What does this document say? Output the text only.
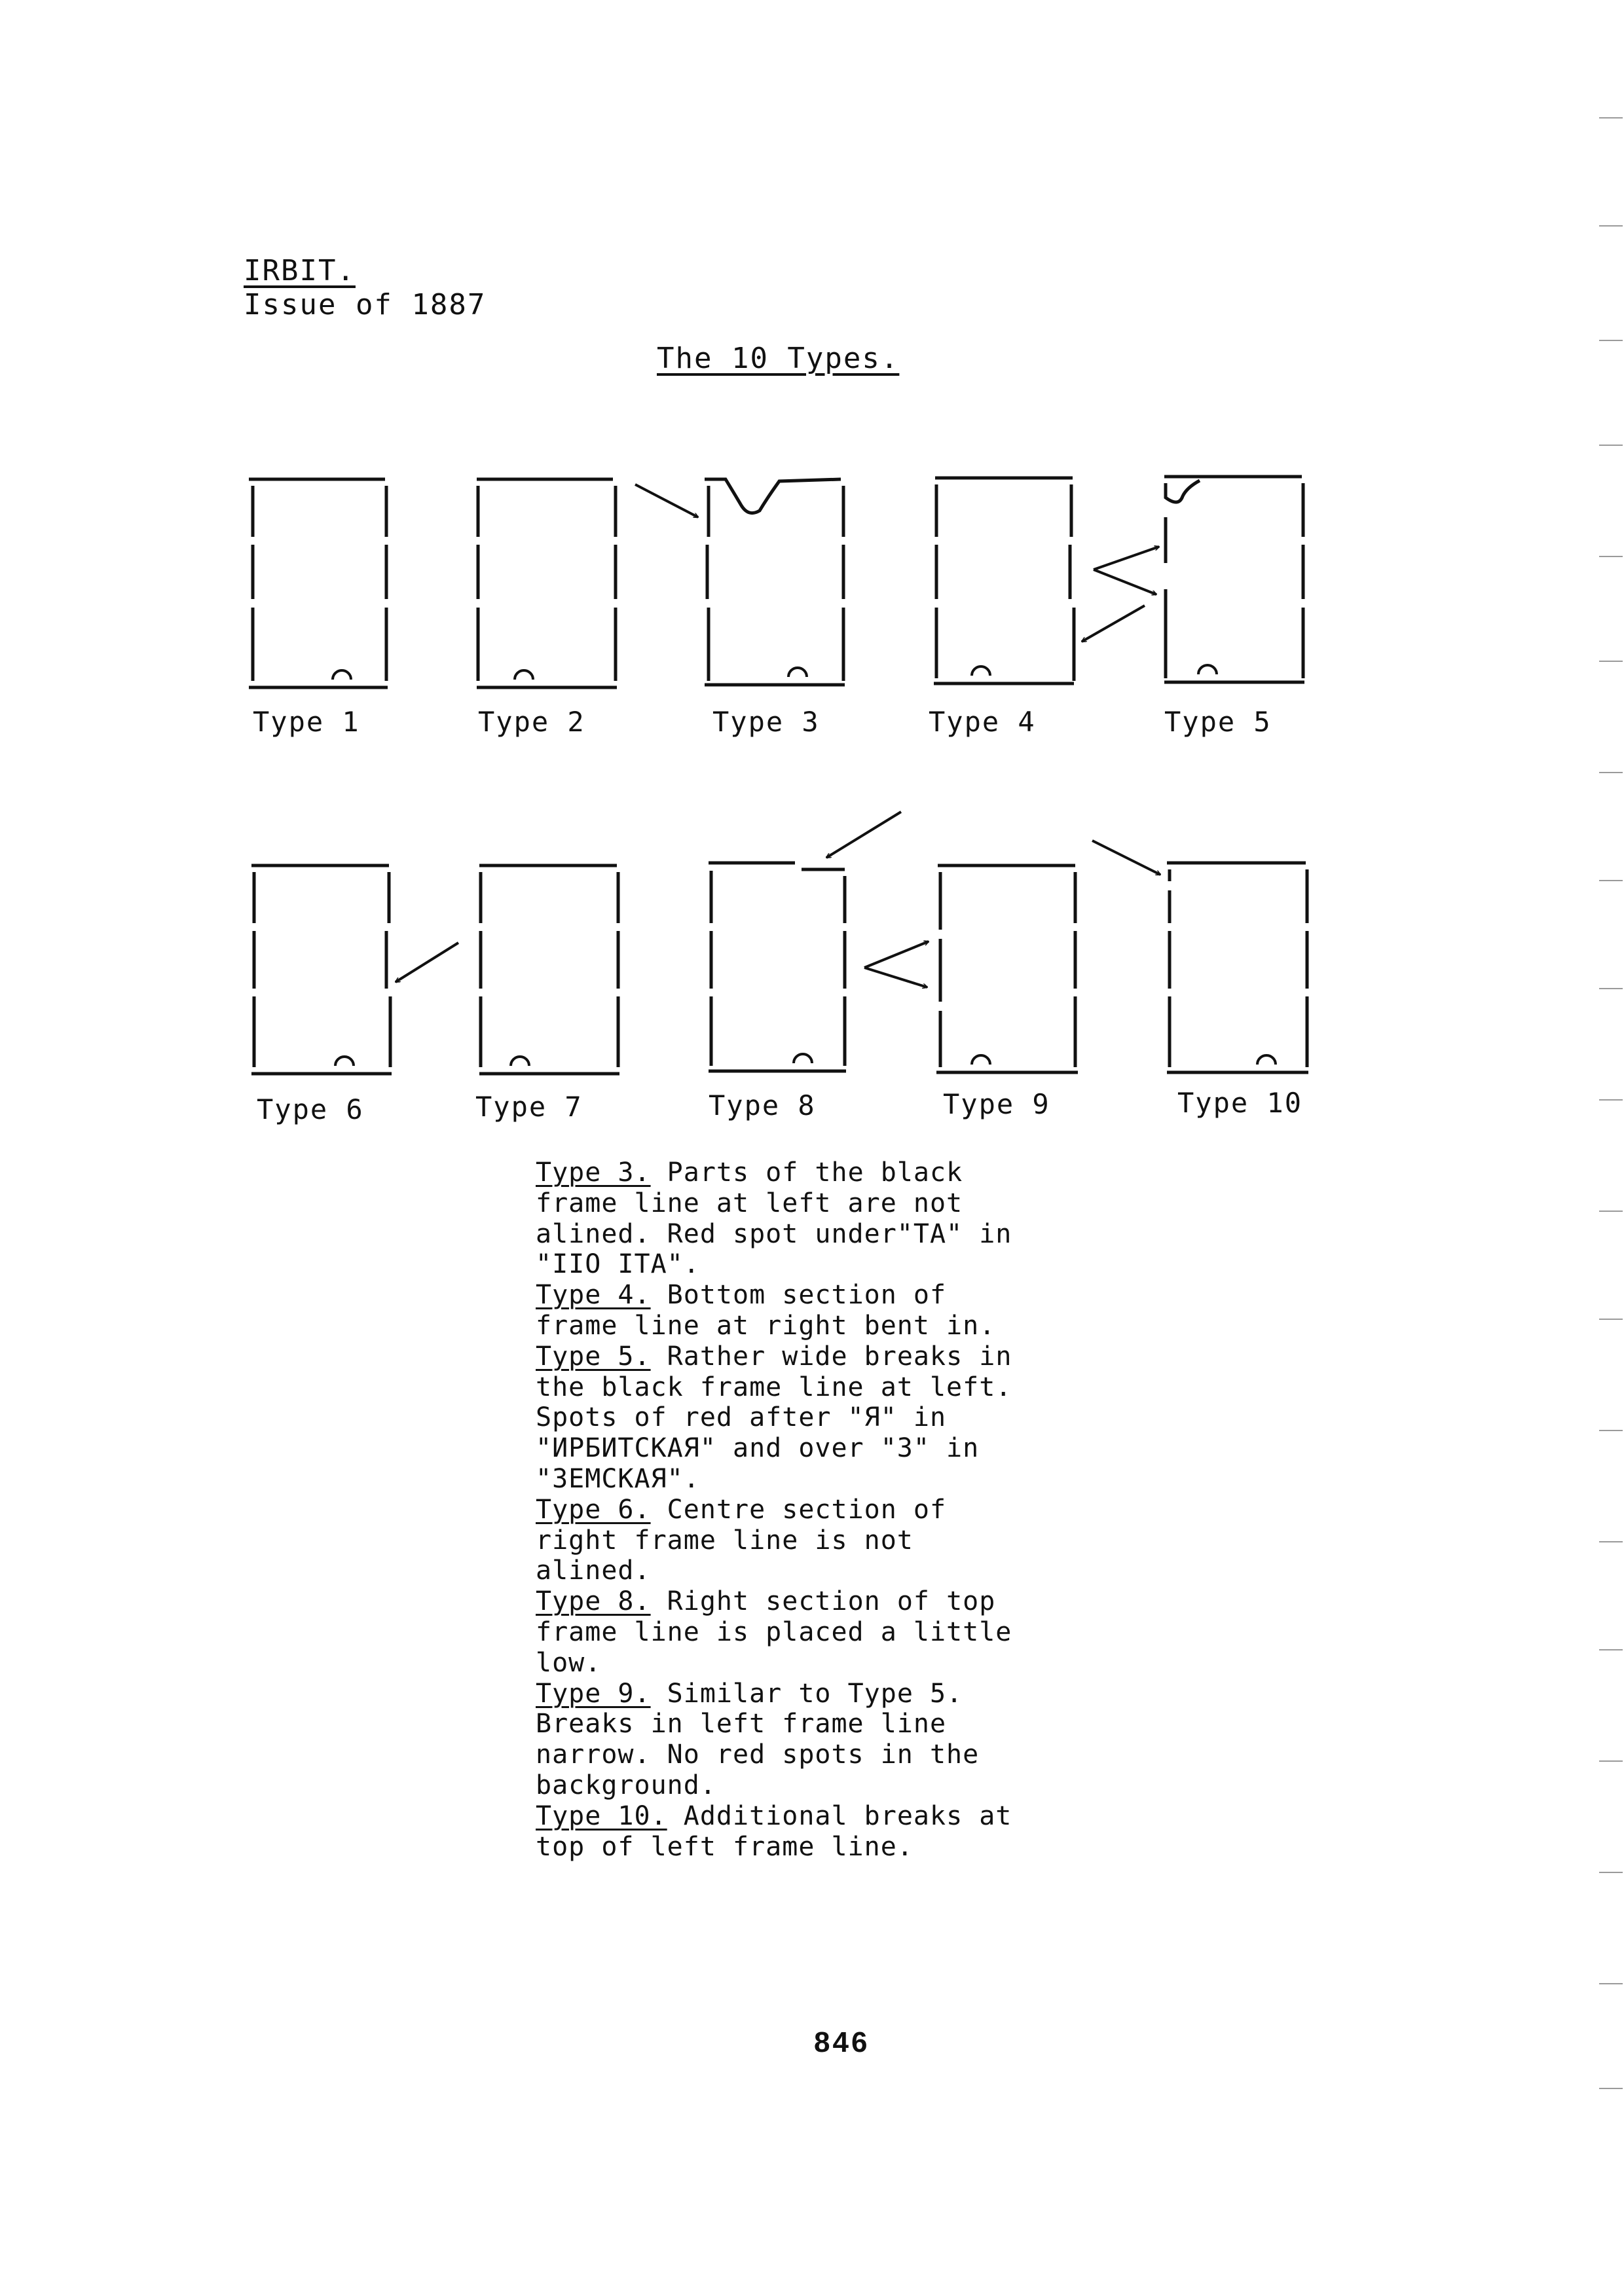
IRBIT.
Issue of 1887
The 10 Types.
Type 1	Type 2	Type 3	Type 4	Type 5
Type 6	Type 7	Type 8	Type 9	Type 10

Type 3. Parts of the black frame line at left are not alined. Red spot under"TA" in "IIO ITA".

Type 4. Bottom section of frame line at right bent in.

Type 5. Rather wide breaks in the black frame line at left. Spots of red after "Я" in "ИРБИТСКАЯ" and over "3" in "3EMCKAЯ".

Type 6. Centre section of right frame line is not alined.

Type 8. Right section of top frame line is placed a little low.

Type 9. Similar to Type 5. Breaks in left frame line narrow. No red spots in the background.

Type 10. Additional breaks at top of left frame line.

846
